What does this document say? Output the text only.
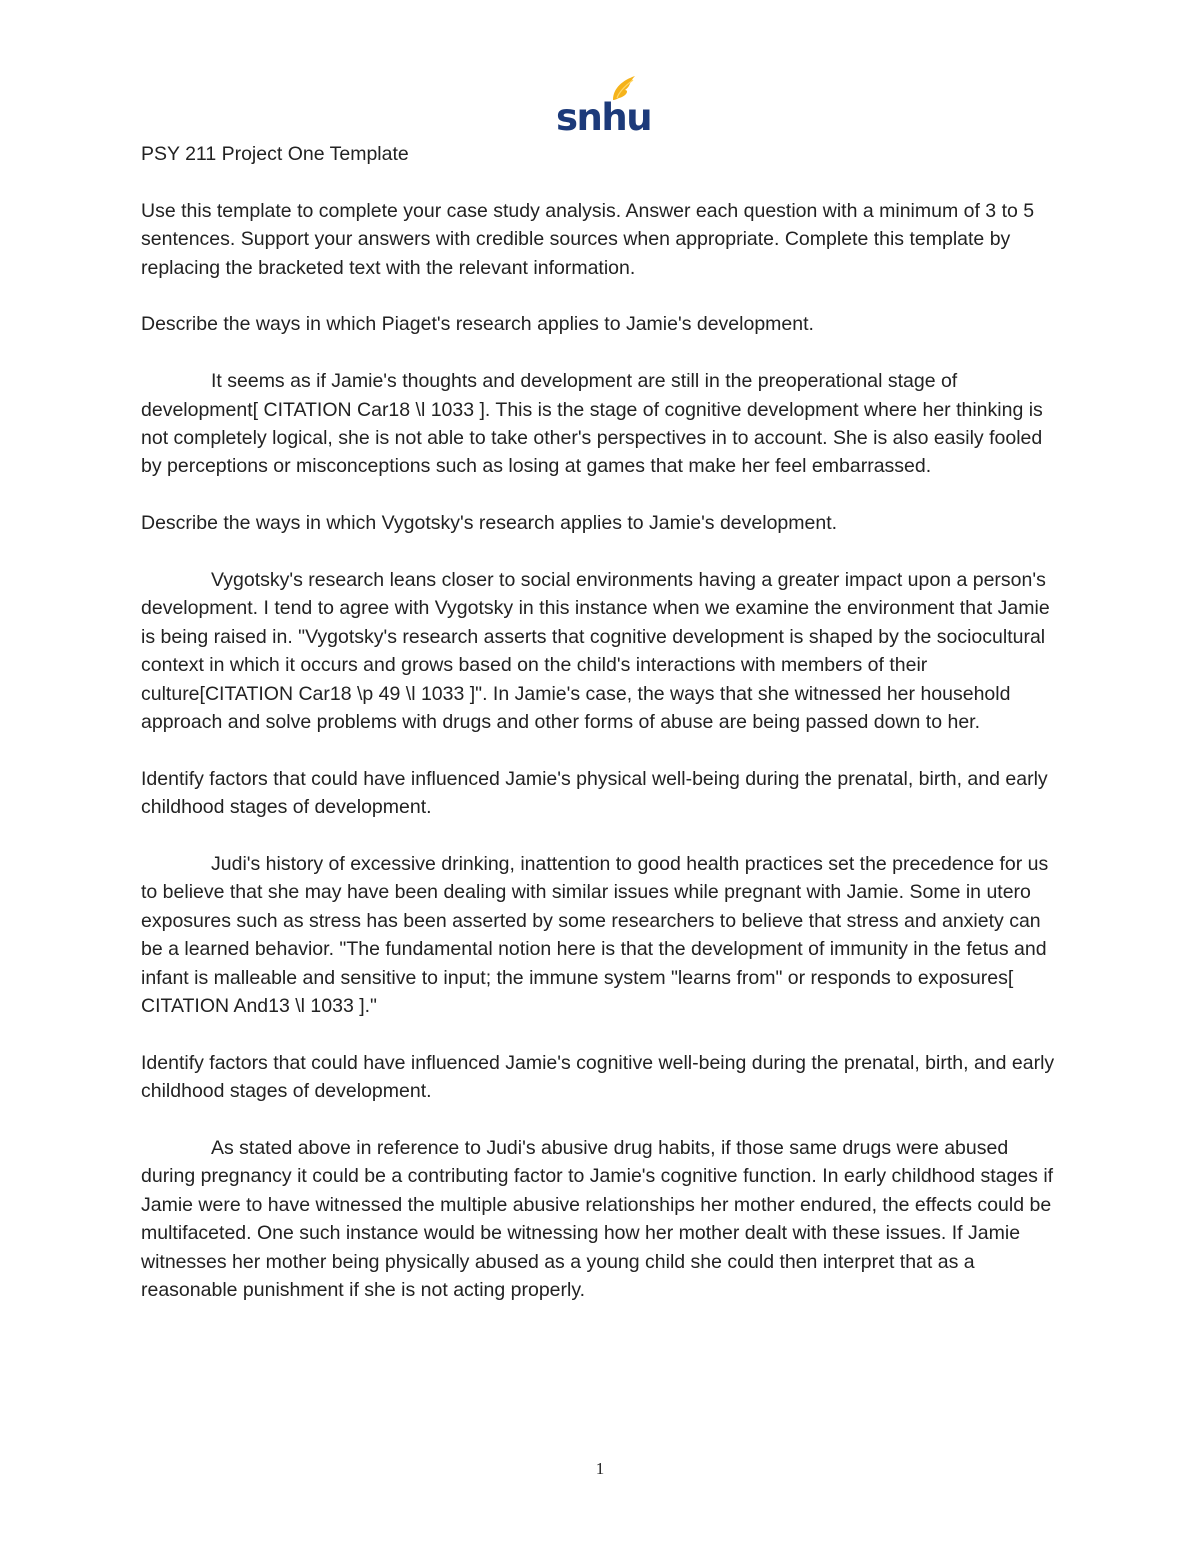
snhu

PSY 211 Project One Template

Use this template to complete your case study analysis. Answer each question with a minimum of 3 to 5 sentences. Support your answers with credible sources when appropriate. Complete this template by replacing the bracketed text with the relevant information.

Describe the ways in which Piaget's research applies to Jamie's development.

It seems as if Jamie's thoughts and development are still in the preoperational stage of development[ CITATION Car18 \l 1033 ]. This is the stage of cognitive development where her thinking is not completely logical, she is not able to take other's perspectives in to account. She is also easily fooled by perceptions or misconceptions such as losing at games that make her feel embarrassed.

Describe the ways in which Vygotsky's research applies to Jamie's development.

Vygotsky's research leans closer to social environments having a greater impact upon a person's development. I tend to agree with Vygotsky in this instance when we examine the environment that Jamie is being raised in. "Vygotsky's research asserts that cognitive development is shaped by the sociocultural context in which it occurs and grows based on the child's interactions with members of their culture[CITATION Car18 \p 49 \l 1033 ]". In Jamie's case, the ways that she witnessed her household approach and solve problems with drugs and other forms of abuse are being passed down to her.

Identify factors that could have influenced Jamie's physical well-being during the prenatal, birth, and early childhood stages of development.

Judi's history of excessive drinking, inattention to good health practices set the precedence for us to believe that she may have been dealing with similar issues while pregnant with Jamie. Some in utero exposures such as stress has been asserted by some researchers to believe that stress and anxiety can be a learned behavior. "The fundamental notion here is that the development of immunity in the fetus and infant is malleable and sensitive to input; the immune system "learns from" or responds to exposures[ CITATION And13 \l 1033 ]."

Identify factors that could have influenced Jamie's cognitive well-being during the prenatal, birth, and early childhood stages of development.

As stated above in reference to Judi's abusive drug habits, if those same drugs were abused during pregnancy it could be a contributing factor to Jamie's cognitive function. In early childhood stages if Jamie were to have witnessed the multiple abusive relationships her mother endured, the effects could be multifaceted. One such instance would be witnessing how her mother dealt with these issues. If Jamie witnesses her mother being physically abused as a young child she could then interpret that as a reasonable punishment if she is not acting properly.

1
